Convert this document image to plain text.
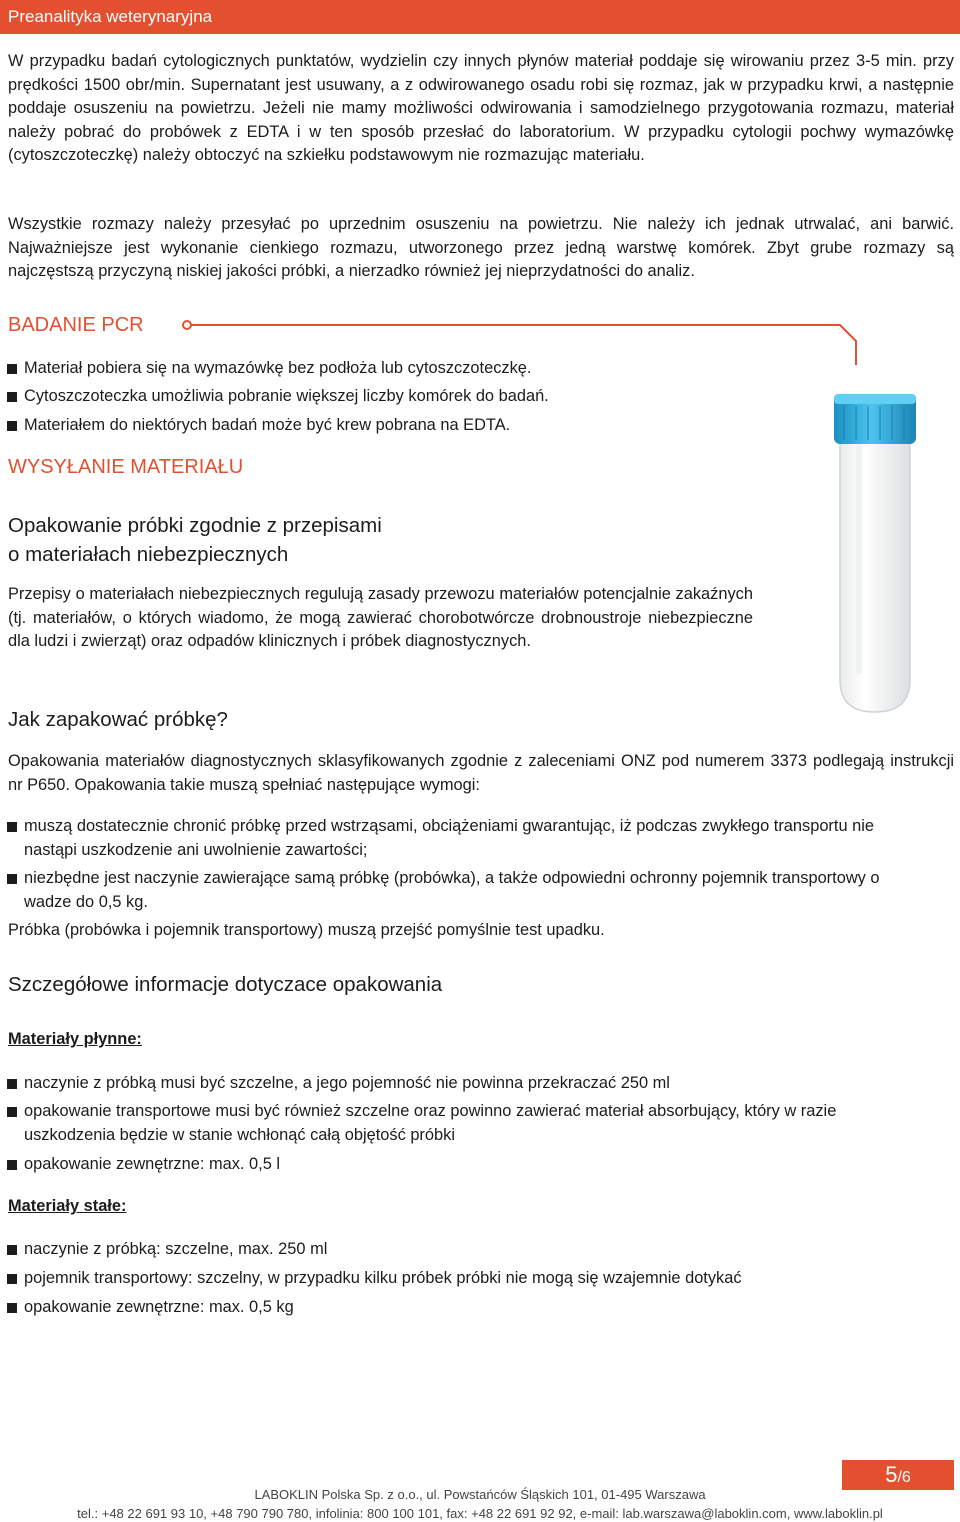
Preanalityka weterynaryjna
W przypadku badań cytologicznych punktatów, wydzielin czy innych płynów materiał poddaje się wirowaniu przez 3-5 min. przy prędkości 1500 obr/min. Supernatant jest usuwany, a z odwirowanego osadu robi się rozmaz, jak w przypadku krwi, a następnie poddaje osuszeniu na powietrzu. Jeżeli nie mamy możliwości odwirowania i samodzielnego przygotowania rozmazu, materiał należy pobrać do probówek z EDTA i w ten sposób przesłać do laboratorium. W przypadku cytologii pochwy wymazówkę (cytoszczoteczkę) należy obtoczyć na szkiełku podstawowym nie rozmazując materiału.
Wszystkie rozmazy należy przesyłać po uprzednim osuszeniu na powietrzu. Nie należy ich jednak utrwalać, ani barwić. Najważniejsze jest wykonanie cienkiego rozmazu, utworzonego przez jedną warstwę komórek. Zbyt grube rozmazy są najczęstszą przyczyną niskiej jakości próbki, a nierzadko również jej nieprzydatności do analiz.
BADANIE PCR
Materiał pobiera się na wymazówkę bez podłoża lub cytoszczoteczkę.
Cytoszczoteczka umożliwia pobranie większej liczby komórek do badań.
Materiałem do niektórych badań może być krew pobrana na EDTA.
WYSYŁANIE MATERIAŁU
Opakowanie próbki zgodnie z przepisami
o materiałach niebezpiecznych
Przepisy o materiałach niebezpiecznych regulują zasady przewozu materiałów potencjalnie zakaźnych (tj. materiałów, o których wiadomo, że mogą zawierać chorobotwórcze drobnoustroje niebezpieczne dla ludzi i zwierząt) oraz odpadów klinicznych i próbek diagnostycznych.
Jak zapakować próbkę?
Opakowania materiałów diagnostycznych sklasyfikowanych zgodnie z zaleceniami ONZ pod numerem 3373 podlegają instrukcji nr P650. Opakowania takie muszą spełniać następujące wymogi:
muszą dostatecznie chronić próbkę przed wstrząsami, obciążeniami gwarantując, iż podczas zwykłego transportu nie nastąpi uszkodzenie ani uwolnienie zawartości;
niezbędne jest naczynie zawierające samą próbkę (probówka), a także odpowiedni ochronny pojemnik transportowy o wadze do 0,5 kg.
Próbka (probówka i pojemnik transportowy) muszą przejść pomyślnie test upadku.
Szczegółowe informacje dotyczace opakowania
Materiały płynne:
naczynie z próbką musi być szczelne, a jego pojemność nie powinna przekraczać 250 ml
opakowanie transportowe musi być również szczelne oraz powinno zawierać materiał absorbujący, który w razie uszkodzenia będzie w stanie wchłonąć całą objętość próbki
opakowanie zewnętrzne: max. 0,5 l
Materiały stałe:
naczynie z próbką: szczelne, max. 250 ml
pojemnik transportowy: szczelny, w przypadku kilku próbek próbki nie mogą się wzajemnie dotykać
opakowanie zewnętrzne: max. 0,5 kg
5/6
LABOKLIN Polska Sp. z o.o., ul. Powstańców Śląskich 101, 01-495 Warszawa
tel.: +48 22 691 93 10, +48 790 790 780, infolinia: 800 100 101, fax: +48 22 691 92 92, e-mail: lab.warszawa@laboklin.com, www.laboklin.pl
